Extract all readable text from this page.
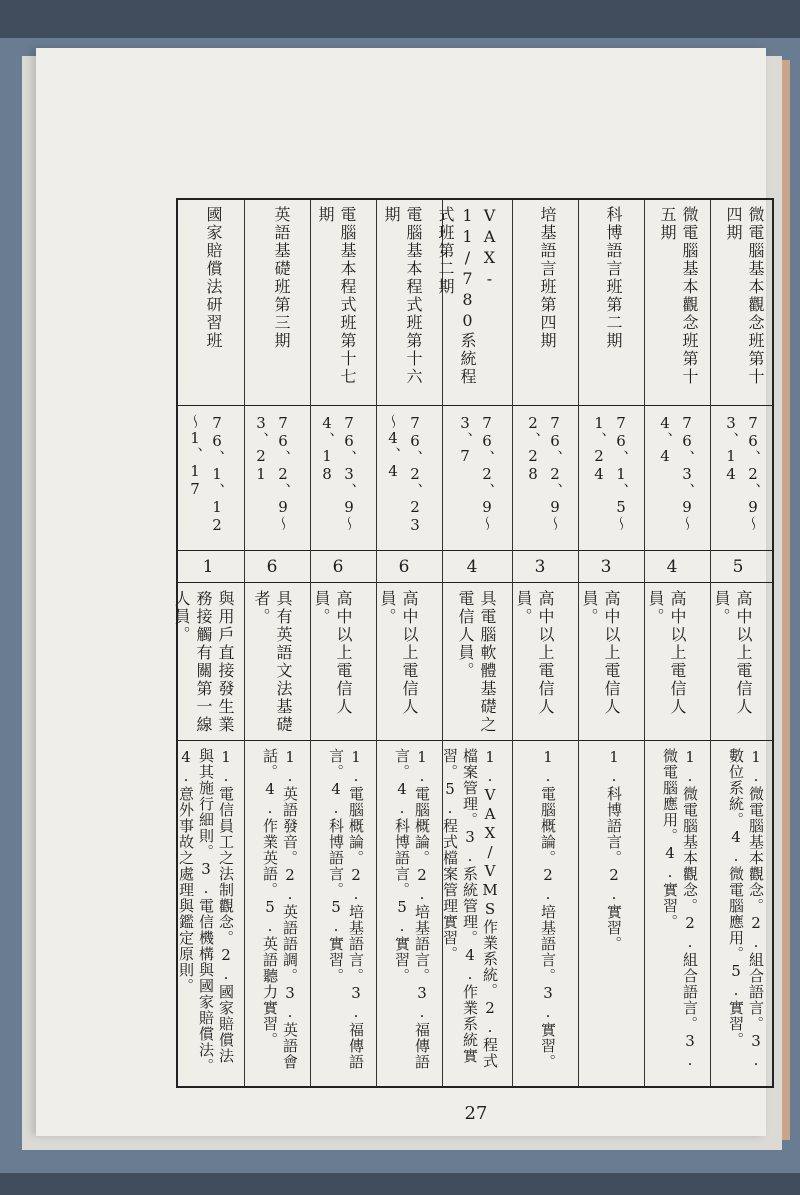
微電腦基本觀念班第十四期
76、2、9～3、14
5
高中以上電信人員。
1.微電腦基本觀念。2.組合語言。3.數位系統。4.微電腦應用。5.實習。
微電腦基本觀念班第十五期
76、3、9～4、4
4
高中以上電信人員。
1.微電腦基本觀念。2.組合語言。3.微電腦應用。4.實習。
科博語言班第二期
76、1、5～1、24
3
高中以上電信人員。
1.科博語言。2.實習。
培基語言班第四期
76、2、9～2、28
3
高中以上電信人員。
1.電腦概論。2.培基語言。3.實習。
VAX-11/780系統程式班第二期
76、2、9～3、7
4
具電腦軟體基礎之電信人員。
1.VAX/VMS作業系統。2.程式檔案管理。3.系統管理。4.作業系統實習。5.程式檔案管理實習。
電腦基本程式班第十六期
76、2、23～4、4
6
高中以上電信人員。
1.電腦概論。2.培基語言。3.福傳語言。4.科博語言。5.實習。
電腦基本程式班第十七期
76、3、9～4、18
6
高中以上電信人員。
1.電腦概論。2.培基語言。3.福傳語言。4.科博語言。5.實習。
英語基礎班第三期
76、2、9～3、21
6
具有英語文法基礎者。
1.英語發音。2.英語語調。3.英語會話。4.作業英語。5.英語聽力實習。
國家賠償法研習班
76、1、12～1、17
1
與用戶直接發生業務接觸有關第一線人員。
1.電信員工之法制觀念。2.國家賠償法與其施行細則。3.電信機構與國家賠償法。4.意外事故之處理與鑑定原則。
27
